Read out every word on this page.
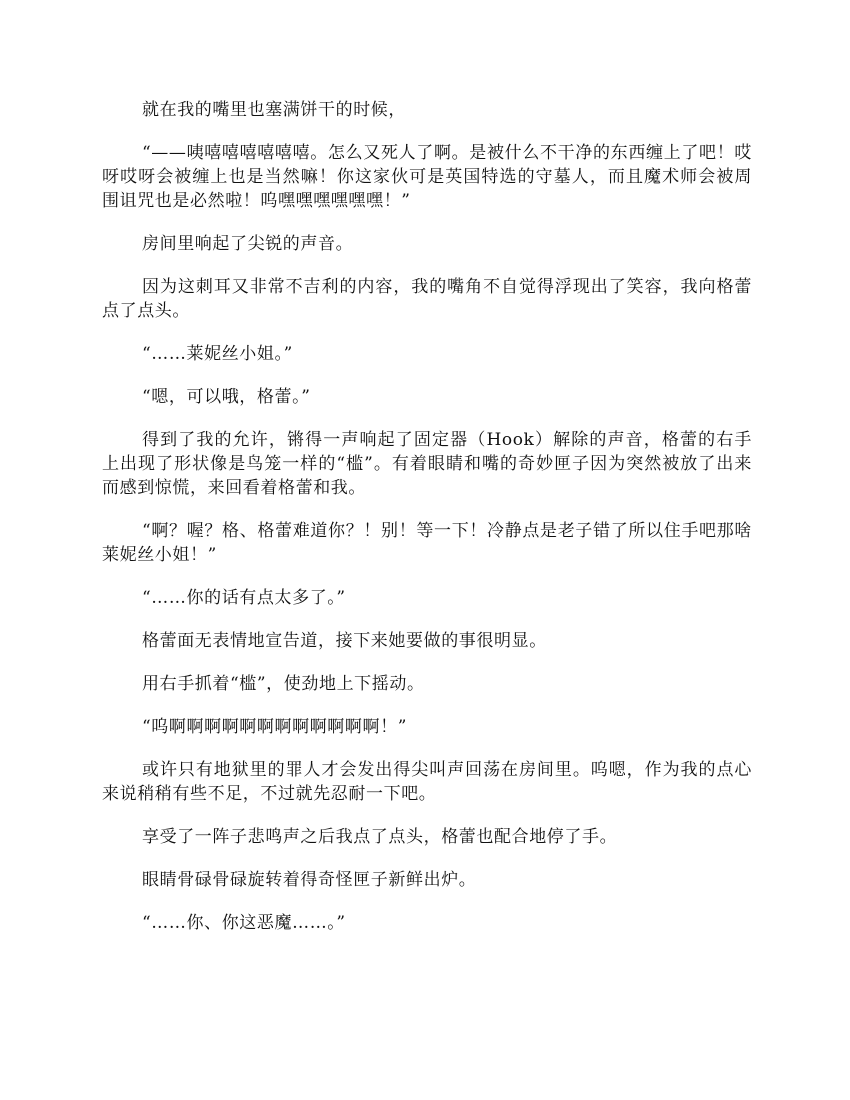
就在我的嘴里也塞满饼干的时候，

“——咦嘻嘻嘻嘻嘻嘻。怎么又死人了啊。是被什么不干净的东西缠上了吧！哎呀哎呀会被缠上也是当然嘛！你这家伙可是英国特选的守墓人，而且魔术师会被周围诅咒也是必然啦！呜嘿嘿嘿嘿嘿嘿！”

房间里响起了尖锐的声音。

因为这刺耳又非常不吉利的内容，我的嘴角不自觉得浮现出了笑容，我向格蕾点了点头。

“……莱妮丝小姐。”

“嗯，可以哦，格蕾。”

得到了我的允许，锵得一声响起了固定器（Hook）解除的声音，格蕾的右手上出现了形状像是鸟笼一样的“槛”。有着眼睛和嘴的奇妙匣子因为突然被放了出来而感到惊慌，来回看着格蕾和我。

“啊？喔？格、格蕾难道你？！别！等一下！冷静点是老子错了所以住手吧那啥莱妮丝小姐！”

“……你的话有点太多了。”

格蕾面无表情地宣告道，接下来她要做的事很明显。

用右手抓着“槛”，使劲地上下摇动。

“呜啊啊啊啊啊啊啊啊啊啊啊啊！”

或许只有地狱里的罪人才会发出得尖叫声回荡在房间里。呜嗯，作为我的点心来说稍稍有些不足，不过就先忍耐一下吧。

享受了一阵子悲鸣声之后我点了点头，格蕾也配合地停了手。

眼睛骨碌骨碌旋转着得奇怪匣子新鲜出炉。

“……你、你这恶魔……。”
